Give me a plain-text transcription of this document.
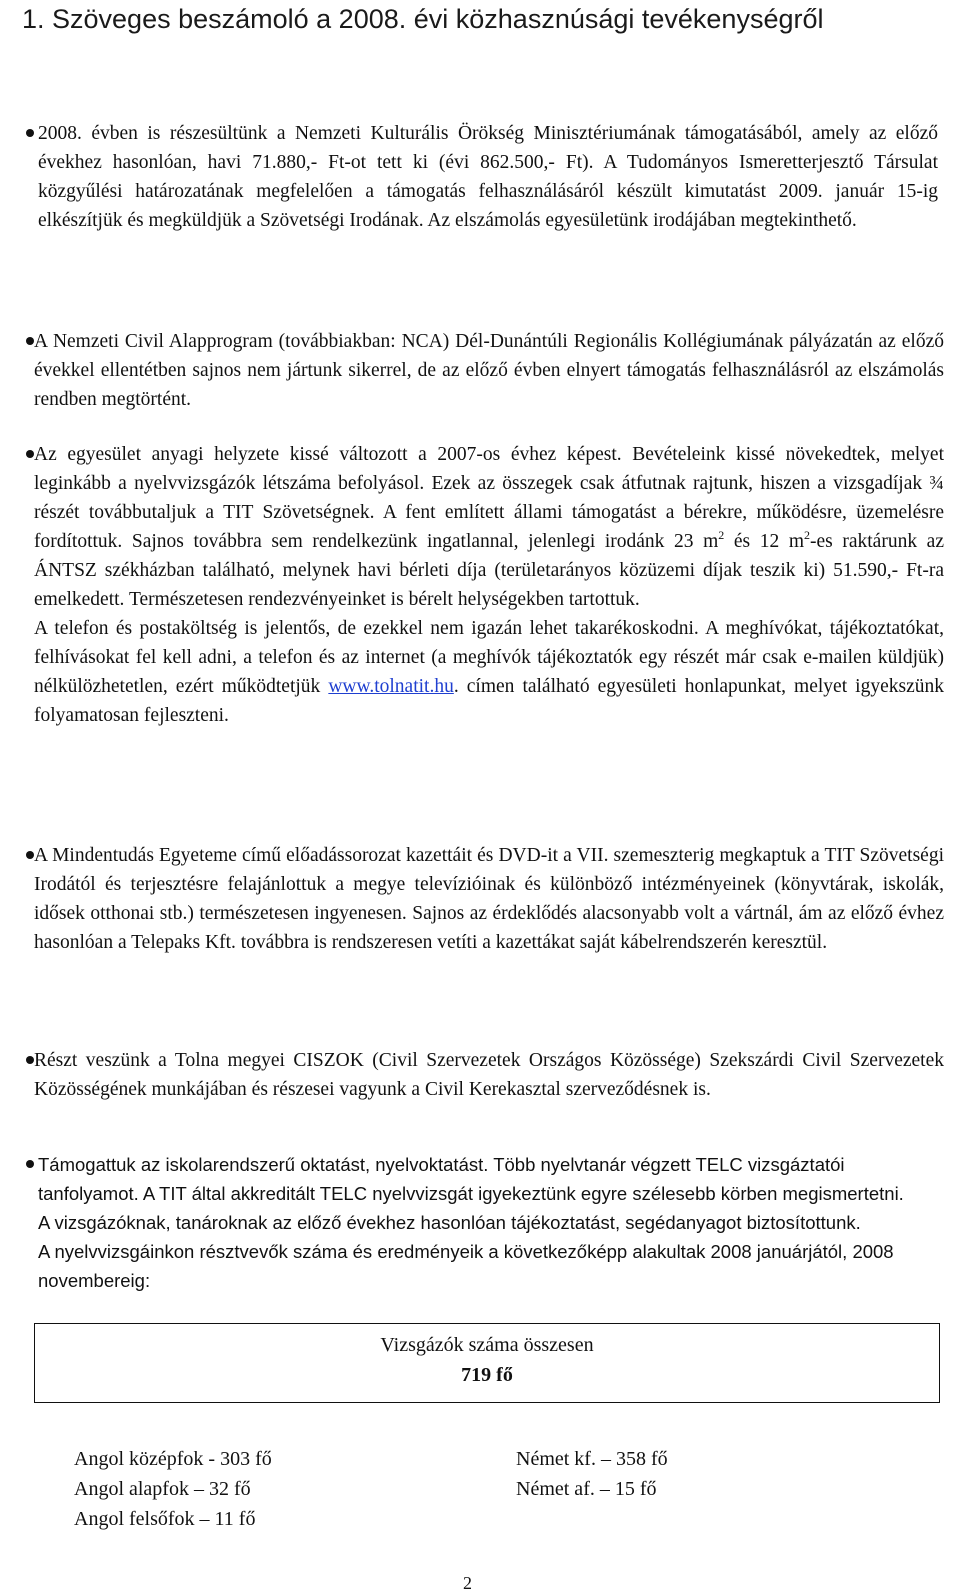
1. Szöveges beszámoló a 2008. évi közhasznúsági tevékenységről
2008. évben is részesültünk a Nemzeti Kulturális Örökség Minisztériumának támogatásából, amely az előző évekhez hasonlóan, havi 71.880,- Ft-ot tett ki (évi 862.500,- Ft). A Tudományos Ismeretterjesztő Társulat közgyűlési határozatának megfelelően a támogatás felhasználásáról készült kimutatást 2009. január 15-ig elkészítjük és megküldjük a Szövetségi Irodának. Az elszámolás egyesületünk irodájában megtekinthető.
A Nemzeti Civil Alapprogram (továbbiakban: NCA) Dél-Dunántúli Regionális Kollégiumának pályázatán az előző évekkel ellentétben sajnos nem jártunk sikerrel, de az előző évben elnyert támogatás felhasználásról az elszámolás rendben megtörtént.

Az egyesület anyagi helyzete kissé változott a 2007-os évhez képest. Bevételeink kissé növekedtek, melyet leginkább a nyelvvizsgázók létszáma befolyásol. Ezek az összegek csak átfutnak rajtunk, hiszen a vizsgadíjak ¾ részét továbbutaljuk a TIT Szövetségnek. A fent említett állami támogatást a bérekre, működésre, üzemelésre fordítottuk. Sajnos továbbra sem rendelkezünk ingatlannal, jelenlegi irodánk 23 $m^2$ és 12 $m^2-es$ raktárunk az ÁNTSZ székházban található, melynek havi bérleti díja (területarányos közüzemi díjak teszik ki) 51.590,- Ft-ra emelkedett. Természetesen rendezvényeinket is bérelt helységekben tartottuk.

A telefon és postaköltség is jelentős, de ezekkel nem igazán lehet takarékoskodni. A meghívókat, tájékoztatókat, felhívásokat fel kell adni, a telefon és az internet (a meghívók tájékoztatók egy részét már csak e-mailen küldjük) nélkülözhetetlen, ezért működtetjük www.tolnatit.hu. címen található egyesületi honlapunkat, melyet igyekszünk folyamatosan fejleszteni.

A Mindentudás Egyeteme című előadássorozat kazettáit és DVD-it a VII. szemeszterig megkaptuk a TIT Szövetségi Irodától és terjesztésre felajánlottuk a megye televízióinak és különböző intézményeinek (könyvtárak, iskolák, idősek otthonai stb.) természetesen ingyenesen. Sajnos az érdeklődés alacsonyabb volt a vártnál, ám az előző évhez hasonlóan a Telepaks Kft. továbbra is rendszeresen vetíti a kazettákat saját kábelrendszerén keresztül.
Részt veszünk a Tolna megyei CISZOK (Civil Szervezetek Országos Közössége) Szekszárdi Civil Szervezetek Közösségének munkájában és részesei vagyunk a Civil Kerekasztal szerveződésnek is.

Támogattuk az iskolarendszerű oktatást, nyelvoktatást. Több nyelvtanár végzett TELC vizsgáztatói tanfolyamot. A TIT által akkreditált TELC nyelvvizsgát igyekeztünk egyre szélesebb körben megismertetni. A vizsgázóknak, tanároknak az előző évekhez hasonlóan tájékoztatást, segédanyagot biztosítottunk.

A nyelvvizsgáinkon résztvevők száma és eredményeik a következőképp alakultak 2008 januárjától, 2008 novembereig:

Vizsgázók száma összesen
719 fő
Angol középfok - 303 fő
Angol alapfok – 32 fő
Angol felsőfok – 11 fő
Német kf. – 358 fő
Német af. – 15 fő
2
